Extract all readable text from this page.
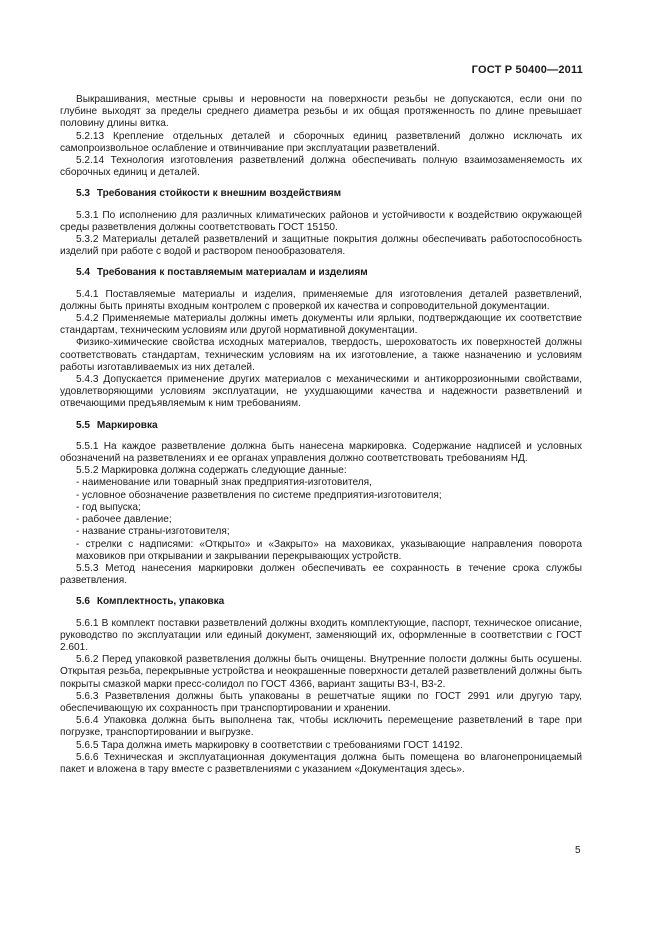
ГОСТ Р 50400—2011

Выкрашивания, местные срывы и неровности на поверхности резьбы не допускаются, если они по глубине выходят за пределы среднего диаметра резьбы и их общая протяженность по длине превышает половину длины витка.

5.2.13 Крепление отдельных деталей и сборочных единиц разветвлений должно исключать их самопроизвольное ослабление и отвинчивание при эксплуатации разветвлений.

5.2.14 Технология изготовления разветвлений должна обеспечивать полную взаимозаменяемость их сборочных единиц и деталей.

5.3 Требования стойкости к внешним воздействиям

5.3.1 По исполнению для различных климатических районов и устойчивости к воздействию окружающей среды разветвления должны соответствовать ГОСТ 15150.

5.3.2 Материалы деталей разветвлений и защитные покрытия должны обеспечивать работоспособность изделий при работе с водой и раствором пенообразователя.

5.4 Требования к поставляемым материалам и изделиям

5.4.1 Поставляемые материалы и изделия, применяемые для изготовления деталей разветвлений, должны быть приняты входным контролем с проверкой их качества и сопроводительной документации.

5.4.2 Применяемые материалы должны иметь документы или ярлыки, подтверждающие их соответствие стандартам, техническим условиям или другой нормативной документации.

Физико-химические свойства исходных материалов, твердость, шероховатость их поверхностей должны соответствовать стандартам, техническим условиям на их изготовление, а также назначению и условиям работы изготавливаемых из них деталей.

5.4.3 Допускается применение других материалов с механическими и антикоррозионными свойствами, удовлетворяющими условиям эксплуатации, не ухудшающими качества и надежности разветвлений и отвечающими предъявляемым к ним требованиям.

5.5 Маркировка

5.5.1 На каждое разветвление должна быть нанесена маркировка. Содержание надписей и условных обозначений на разветвлениях и ее органах управления должно соответствовать требованиям НД.

5.5.2 Маркировка должна содержать следующие данные:

- наименование или товарный знак предприятия-изготовителя,

- условное обозначение разветвления по системе предприятия-изготовителя;

- год выпуска;

- рабочее давление;

- название страны-изготовителя;

- стрелки с надписями: «Открыто» и «Закрыто» на маховиках, указывающие направления поворота маховиков при открывании и закрывании перекрывающих устройств.

5.5.3 Метод нанесения маркировки должен обеспечивать ее сохранность в течение срока службы разветвления.

5.6 Комплектность, упаковка

5.6.1 В комплект поставки разветвлений должны входить комплектующие, паспорт, техническое описание, руководство по эксплуатации или единый документ, заменяющий их, оформленные в соответствии с ГОСТ 2.601.

5.6.2 Перед упаковкой разветвления должны быть очищены. Внутренние полости должны быть осушены. Открытая резьба, перекрывные устройства и неокрашенные поверхности деталей разветвлений должны быть покрыты смазкой марки пресс-солидол по ГОСТ 4366, вариант защиты В3-I, В3-2.

5.6.3 Разветвления должны быть упакованы в решетчатые ящики по ГОСТ 2991 или другую тару, обеспечивающую их сохранность при транспортировании и хранении.

5.6.4 Упаковка должна быть выполнена так, чтобы исключить перемещение разветвлений в таре при погрузке, транспортировании и выгрузке.

5.6.5 Тара должна иметь маркировку в соответствии с требованиями ГОСТ 14192.

5.6.6 Техническая и эксплуатационная документация должна быть помещена во влагонепроницаемый пакет и вложена в тару вместе с разветвлениями с указанием «Документация здесь».

5
